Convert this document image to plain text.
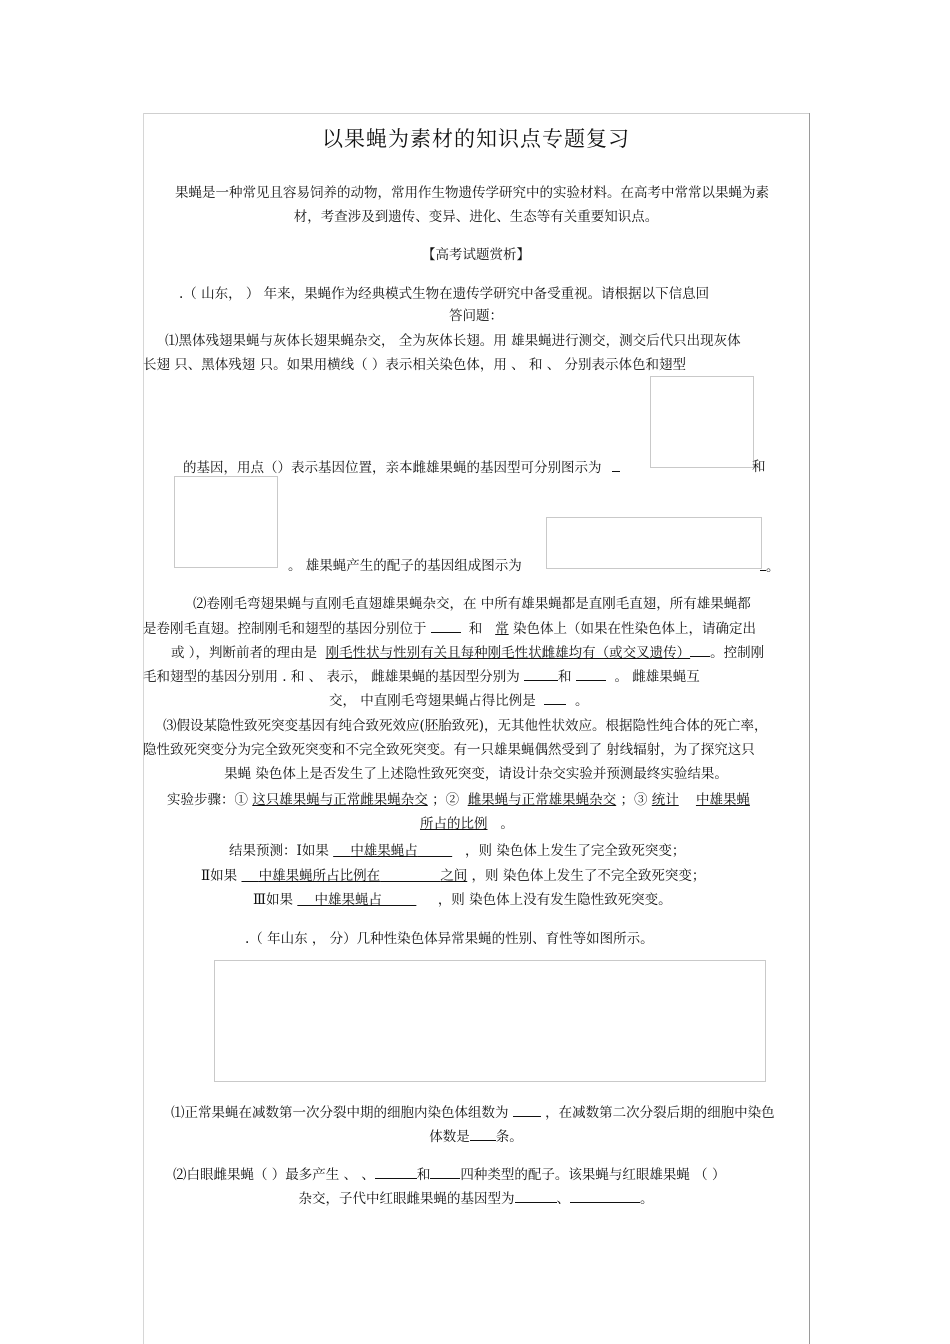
以果蝇为素材的知识点专题复习
果蝇是一种常见且容易饲养的动物，常用作生物遗传学研究中的实验材料。在高考中常常以果蝇为素
材，考查涉及到遗传、变异、进化、生态等有关重要知识点。
【高考试题赏析】
.（ 山东， ） 年来，果蝇作为经典模式生物在遗传学研究中备受重视。请根据以下信息回
答问题：
⑴黑体残翅果蝇与灰体长翅果蝇杂交， 全为灰体长翅。用 雄果蝇进行测交，测交后代只出现灰体
长翅 只、黑体残翅 只。如果用横线（ ）表示相关染色体，用 、 和 、 分别表示体色和翅型
的基因，用点（）表示基因位置，亲本雌雄果蝇的基因型可分别图示为	和
。 雄果蝇产生的配子的基因组成图示为	。
⑵卷刚毛弯翅果蝇与直刚毛直翅雄果蝇杂交，在 中所有雄果蝇都是直刚毛直翅，所有雄果蝇都
是卷刚毛直翅。控制刚毛和翅型的基因分别位于	和 常 染色体上（如果在性染色体上，请确定出
或 ），判断前者的理由是 刚毛性状与性别有关且每种刚毛性状雌雄均有（或交叉遗传） 。控制刚
毛和翅型的基因分别用 . 和 、 表示， 雌雄果蝇的基因型分别为	和	。 雌雄果蝇互
交， 中直刚毛弯翅果蝇占得比例是	。
⑶假设某隐性致死突变基因有纯合致死效应(胚胎致死)，无其他性状效应。根据隐性纯合体的死亡率，
隐性致死突变分为完全致死突变和不完全致死突变。有一只雄果蝇偶然受到了 射线辐射，为了探究这只
果蝇 染色体上是否发生了上述隐性致死突变，请设计杂交实验并预测最终实验结果。
实验步骤：① 这只雄果蝇与正常雌果蝇杂交 ；② 雌果蝇与正常雄果蝇杂交 ；③ 统计 中雄果蝇
所占的比例 。
结果预测：Ⅰ如果 中雄果蝇占	，则 染色体上发生了完全致死突变；
Ⅱ如果 中雄果蝇所占比例在	之间 ，则 染色体上发生了不完全致死突变；
Ⅲ如果 中雄果蝇占	，则 染色体上没有发生隐性致死突变。
.（ 年山东 ， 分）几种性染色体异常果蝇的性别、育性等如图所示。
⑴正常果蝇在减数第一次分裂中期的细胞内染色体组数为	，在减数第二次分裂后期的细胞中染色
体数是 条。
⑵白眼雌果蝇（ ）最多产生 、 、	和 四种类型的配子。该果蝇与红眼雄果蝇 （ ）
杂交，子代中红眼雌果蝇的基因型为	、	。
